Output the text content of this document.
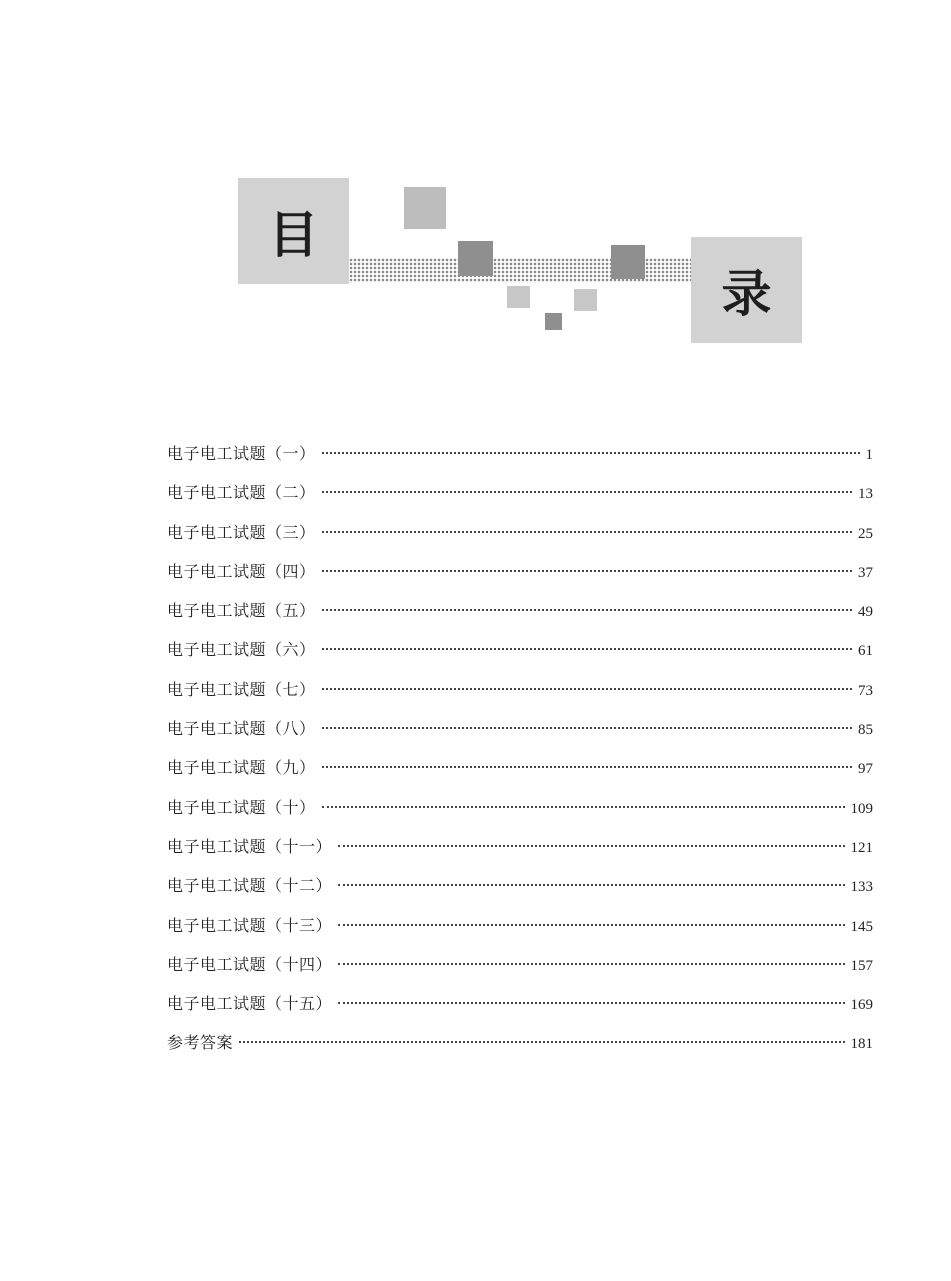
目
录
电子电工试题（一）	1
电子电工试题（二）	13
电子电工试题（三）	25
电子电工试题（四）	37
电子电工试题（五）	49
电子电工试题（六）	61
电子电工试题（七）	73
电子电工试题（八）	85
电子电工试题（九）	97
电子电工试题（十）	109
电子电工试题（十一）	121
电子电工试题（十二）	133
电子电工试题（十三）	145
电子电工试题（十四）	157
电子电工试题（十五）	169
参考答案	181
